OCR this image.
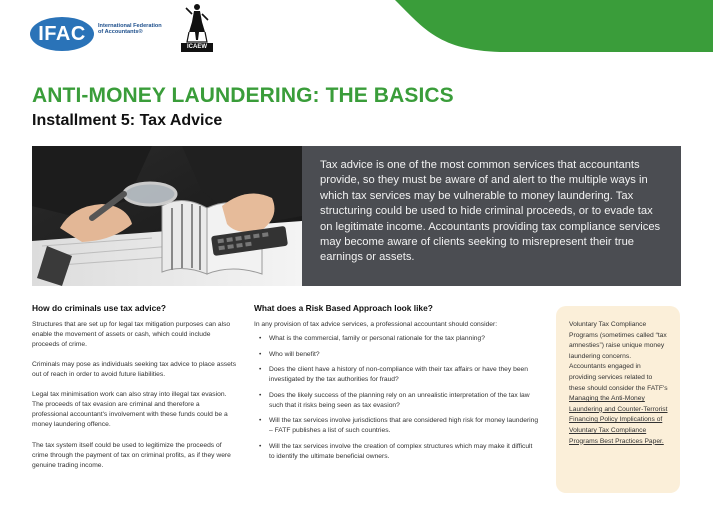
IFAC	International Federation of Accountants®
ICAEW
ANTI-MONEY LAUNDERING: THE BASICS
Installment 5: Tax Advice
Tax advice is one of the most common services that accountants provide, so they must be aware of and alert to the multiple ways in which tax services may be vulnerable to money laundering. Tax structuring could be used to hide criminal proceeds, or to evade tax on legitimate income. Accountants providing tax compliance services may become aware of clients seeking to misrepresent their true earnings or assets.
How do criminals use tax advice?

Structures that are set up for legal tax mitigation purposes can also enable the movement of assets or cash, which could include proceeds of crime.

Criminals may pose as individuals seeking tax advice to place assets out of reach in order to avoid future liabilities.

Legal tax minimisation work can also stray into illegal tax evasion. The proceeds of tax evasion are criminal and therefore a professional accountant's involvement with these funds could be a money laundering offence.

The tax system itself could be used to legitimize the proceeds of crime through the payment of tax on criminal profits, as if they were genuine trading income.

What does a Risk Based Approach look like?

In any provision of tax advice services, a professional accountant should consider:

• What is the commercial, family or personal rationale for the tax planning?
• Who will benefit?
• Does the client have a history of non-compliance with their tax affairs or have they been investigated by the tax authorities for fraud?
• Does the likely success of the planning rely on an unrealistic interpretation of the tax law such that it risks being seen as tax evasion?
• Will the tax services involve jurisdictions that are considered high risk for money laundering – FATF publishes a list of such countries.
• Will the tax services involve the creation of complex structures which may make it difficult to identify the ultimate beneficial owners.
Voluntary Tax Compliance Programs (sometimes called “tax amnesties”) raise unique money laundering concerns. Accountants engaged in providing services related to these should consider the FATF's Managing the Anti-Money Laundering and Counter-Terrorist Financing Policy Implications of Voluntary Tax Compliance Programs Best Practices Paper.
